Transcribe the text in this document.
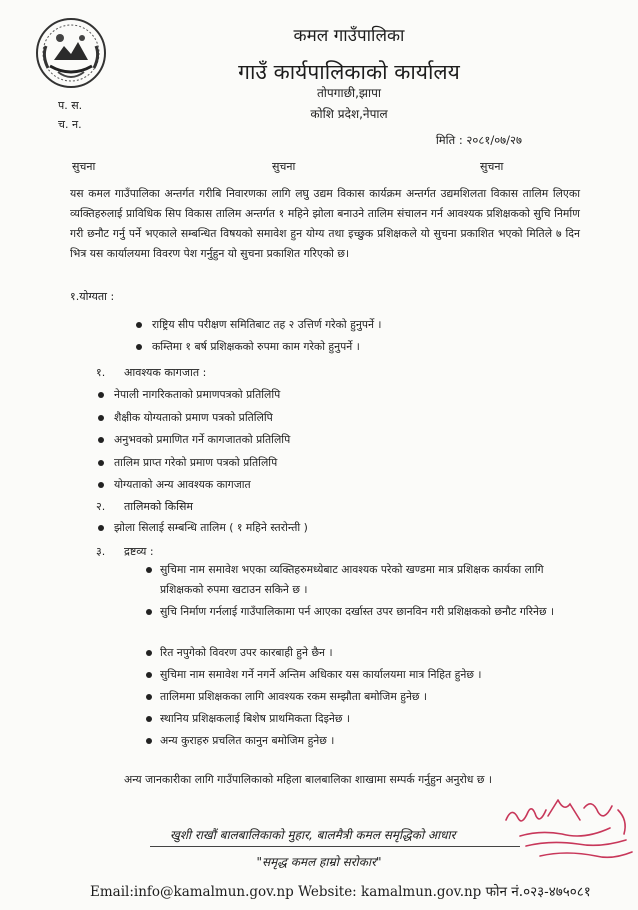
कमल गाउँपालिका
गाउँ कार्यपालिकाको कार्यालय
तोपगाछी,झापा
कोशि प्रदेश,नेपाल
प. स.
च. न.
मिति : २०८१/०७/२७
सुचना	सुचना	सुचना
यस कमल गाउँपालिका अन्तर्गत गरीबि निवारणका लागि लघु उद्यम विकास कार्यक्रम अन्तर्गत उद्यमशिलता विकास तालिम लिएका व्यक्तिहरुलाई प्राविधिक सिप विकास तालिम अन्तर्गत १ महिने झोला बनाउने तालिम संचालन गर्न आवश्यक प्रशिक्षकको सुचि निर्माण गरी छनौट गर्नु पर्ने भएकाले सम्बन्धित विषयको समावेश हुन योग्य तथा इच्छुक प्रशिक्षकले यो सुचना प्रकाशित भएको मितिले ७ दिन भित्र यस कार्यालयमा विवरण पेश गर्नुहुन यो सुचना प्रकाशित गरिएको छ।
१.योग्यता :
राष्ट्रिय सीप परीक्षण समितिबाट तह २ उत्तिर्ण गरेको हुनुपर्ने ।
कम्तिमा १ बर्ष प्रशिक्षकको रुपमा काम गरेको हुनुपर्ने ।
१. आवश्यक कागजात :
नेपाली नागरिकताको प्रमाणपत्रको प्रतिलिपि
शैक्षीक योग्यताको प्रमाण पत्रको प्रतिलिपि
अनुभवको प्रमाणित गर्ने कागजातको प्रतिलिपि
तालिम प्राप्त गरेको प्रमाण पत्रको प्रतिलिपि
योग्यताको अन्य आवश्यक कागजात
२. तालिमको किसिम
झोला सिलाई सम्बन्धि तालिम ( १ महिने स्तरोन्ती )
३. द्रष्टव्य :
सुचिमा नाम समावेश भएका व्यक्तिहरुमध्येबाट आवश्यक परेको खण्डमा मात्र प्रशिक्षक कार्यका लागि प्रशिक्षकको रुपमा खटाउन सकिने छ ।
सुचि निर्माण गर्नलाई गाउँपालिकामा पर्न आएका दर्खास्त उपर छानविन गरी प्रशिक्षकको छनौट गरिनेछ ।
रित नपुगेको विवरण उपर कारबाही हुने छैन ।
सुचिमा नाम समावेश गर्ने नगर्ने अन्तिम अधिकार यस कार्यालयमा मात्र निहित हुनेछ ।
तालिममा प्रशिक्षकका लागि आवश्यक रकम सम्झौता बमोजिम हुनेछ ।
स्थानिय प्रशिक्षकलाई बिशेष प्राथमिकता दिइनेछ ।
अन्य कुराहरु प्रचलित कानुन बमोजिम हुनेछ ।
अन्य जानकारीका लागि गाउँपालिकाको महिला बालबालिका शाखामा सम्पर्क गर्नुहुन अनुरोध छ ।
खुशी राखौं बालबालिकाको मुहार, बालमैत्री कमल समृद्धिको आधार
"समृद्ध कमल हाम्रो सरोकार"
Email:info@kamalmun.gov.np Website: kamalmun.gov.np फोन नं.०२३-४७५०८१
